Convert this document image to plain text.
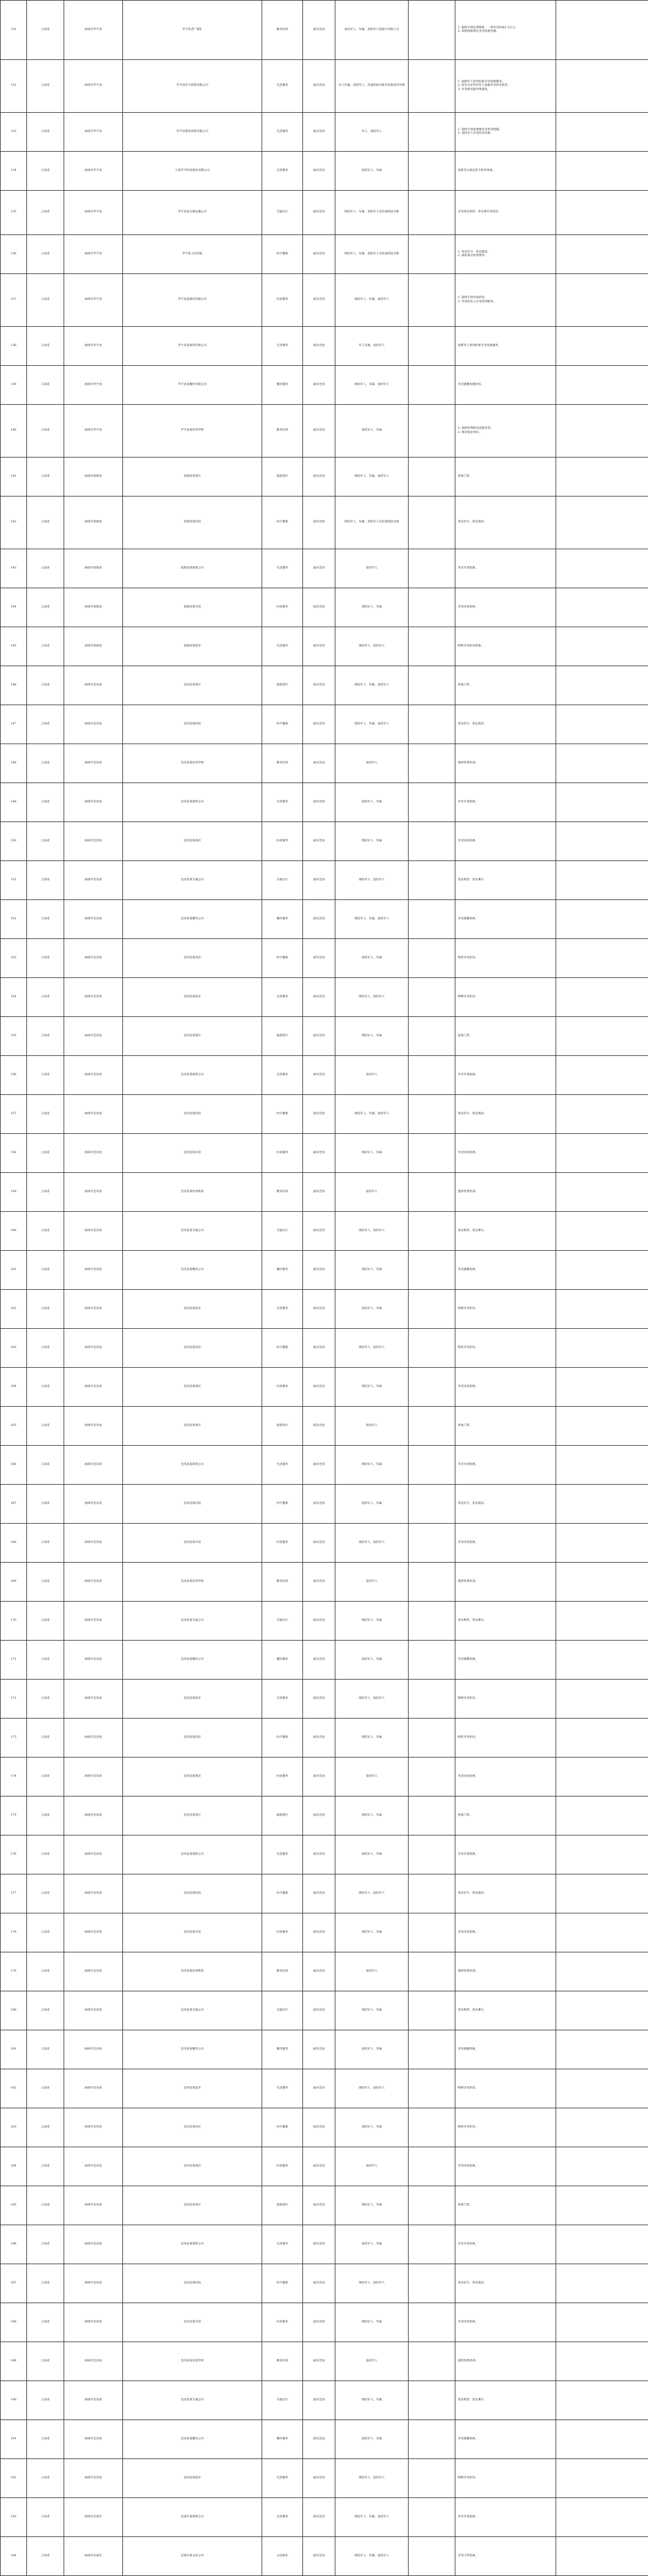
131	云南省	曲靖市罗平县	罗平县老厂煤矿	教育培训	面向全国	退役军人、军属、退役军人家庭中其他人员		1. 提供专项培训资助，一律享受补贴1-3万元。
2. 按照国家规定享受优惠待遇。	

132	云南省	曲靖市罗平县	罗平县乐天商贸有限公司	生活服务	面向全国	军人军属、退役军人、其他优抚对象及其他优待对象		1. 按照军人优待标准享受优惠服务。
2. 持有关证件的军人家属享受同等优待。
3. 享受相关服务费减免。	

133	云南省	曲靖市罗平县	罗平县鼎发商贸有限公司	生活服务	面向全国	军人、退役军人		1. 提供专项优惠服务及优待措施。
2. 退役军人享受同等优惠。	

134	云南省	曲靖市罗平县	云南罗平锌电股份有限公司	生活服务	面向全国	退役军人、军属		按照有关规定给予优待优惠。	

135	云南省	曲靖市罗平县	罗平县某交通运输公司	交通出行	面向全国	现役军人、军属、退役军人及其他优抚对象		享受优先购票、优先乘车等优待。	

136	云南省	曲靖市罗平县	罗平县人民医院	医疗健康	面向全国	现役军人、军属、退役军人及其他优抚对象		1. 优先挂号、优先就诊。
2. 减免部分检查费用。	

137	云南省	曲靖市罗平县	罗平县某酒店有限公司	住宿服务	面向全国	现役军人、军属、退役军人		1. 提供专项住宿折扣。
2. 享受优先入住等优待服务。	

138	云南省	曲靖市罗平县	罗平县某商贸有限公司	生活服务	面向全国	军人军属、退役军人		按照军人优待标准享受优惠服务。	

139	云南省	曲靖市罗平县	罗平县某餐饮有限公司	餐饮服务	面向全国	现役军人、军属、退役军人		享受就餐优惠折扣。	

140	云南省	曲靖市罗平县	罗平县某培训学校	教育培训	面向全国	退役军人、军属		1. 提供免费职业技能培训。
2. 推荐就业岗位。	

141	云南省	曲靖市富源县	富源县某景区	旅游景区	面向全国	现役军人、军属、退役军人		免收门票。	

142	云南省	曲靖市富源县	富源县某医院	医疗健康	面向全国	现役军人、军属、退役军人及其他优抚对象		优先挂号、优先就诊。	

143	云南省	曲靖市富源县	富源县某商贸公司	生活服务	面向全国	退役军人		享受专项优惠。	

144	云南省	曲靖市富源县	富源县某宾馆	住宿服务	面向全国	现役军人、军属		享受住宿优惠。	

145	云南省	曲靖市富源县	富源县某超市	生活服务	面向全国	现役军人、退役军人		购物享受折扣优惠。	

146	云南省	曲靖市会泽县	会泽县某景区	旅游景区	面向全国	现役军人、军属、退役军人		免收门票。	

147	云南省	曲靖市会泽县	会泽县某医院	医疗健康	面向全国	现役军人、军属、退役军人		优先挂号、优先就诊。	

148	云南省	曲靖市会泽县	会泽县某培训学校	教育培训	面向全国	退役军人		提供免费培训。	

149	云南省	曲靖市会泽县	会泽县某商贸公司	生活服务	面向全国	退役军人、军属		享受专项优惠。	

150	云南省	曲靖市会泽县	会泽县某酒店	住宿服务	面向全国	现役军人、军属		享受住宿优惠。	

151	云南省	曲靖市会泽县	会泽县某交通公司	交通出行	面向全国	现役军人、退役军人		优先购票、优先乘车。	

152	云南省	曲靖市会泽县	会泽县某餐饮公司	餐饮服务	面向全国	现役军人、军属、退役军人		享受就餐优惠。	

153	云南省	曲靖市会泽县	会泽县某药店	医疗健康	面向全国	退役军人、军属		购药享受折扣。	

154	云南省	曲靖市会泽县	会泽县某超市	生活服务	面向全国	现役军人、退役军人		购物享受折扣。	

155	云南省	曲靖市会泽县	会泽县某景区	旅游景区	面向全国	现役军人、军属		免收门票。	

156	云南省	曲靖市会泽县	会泽县某商贸公司	生活服务	面向全国	退役军人		享受专项优惠。	

157	云南省	曲靖市会泽县	会泽县某医院	医疗健康	面向全国	现役军人、军属、退役军人		优先挂号、优先就诊。	

158	云南省	曲靖市会泽县	会泽县某宾馆	住宿服务	面向全国	现役军人、军属		享受住宿优惠。	

159	云南省	曲靖市会泽县	会泽县某培训机构	教育培训	面向全国	退役军人		提供免费培训。	

160	云南省	曲靖市会泽县	会泽县某交通公司	交通出行	面向全国	现役军人、退役军人		优先购票、优先乘车。	

161	云南省	曲靖市会泽县	会泽县某餐饮公司	餐饮服务	面向全国	现役军人、军属		享受就餐优惠。	

162	云南省	曲靖市会泽县	会泽县某超市	生活服务	面向全国	退役军人、军属		购物享受折扣。	

163	云南省	曲靖市会泽县	会泽县某药店	医疗健康	面向全国	现役军人、退役军人		购药享受折扣。	

164	云南省	曲靖市会泽县	会泽县某酒店	住宿服务	面向全国	现役军人、军属		享受住宿优惠。	

165	云南省	曲靖市会泽县	会泽县某景区	旅游景区	面向全国	退役军人		免收门票。	

166	云南省	曲靖市会泽县	会泽县某商贸公司	生活服务	面向全国	现役军人、军属		享受专项优惠。	

167	云南省	曲靖市会泽县	会泽县某医院	医疗健康	面向全国	退役军人、军属		优先挂号、优先就诊。	

168	云南省	曲靖市会泽县	会泽县某宾馆	住宿服务	面向全国	现役军人、退役军人		享受住宿优惠。	

169	云南省	曲靖市会泽县	会泽县某培训学校	教育培训	面向全国	退役军人		提供免费培训。	

170	云南省	曲靖市会泽县	会泽县某交通公司	交通出行	面向全国	现役军人、军属		优先购票、优先乘车。	

171	云南省	曲靖市会泽县	会泽县某餐饮公司	餐饮服务	面向全国	退役军人、军属		享受就餐优惠。	

172	云南省	曲靖市会泽县	会泽县某超市	生活服务	面向全国	现役军人、退役军人		购物享受折扣。	

173	云南省	曲靖市会泽县	会泽县某药店	医疗健康	面向全国	现役军人、军属		购药享受折扣。	

174	云南省	曲靖市会泽县	会泽县某酒店	住宿服务	面向全国	退役军人		享受住宿优惠。	

175	云南省	曲靖市会泽县	会泽县某景区	旅游景区	面向全国	现役军人、军属		免收门票。	

176	云南省	曲靖市会泽县	会泽县某商贸公司	生活服务	面向全国	退役军人、军属		享受专项优惠。	

177	云南省	曲靖市会泽县	会泽县某医院	医疗健康	面向全国	现役军人、退役军人		优先挂号、优先就诊。	

178	云南省	曲靖市会泽县	会泽县某宾馆	住宿服务	面向全国	现役军人、军属		享受住宿优惠。	

179	云南省	曲靖市会泽县	会泽县某培训机构	教育培训	面向全国	退役军人		提供免费培训。	

180	云南省	曲靖市会泽县	会泽县某交通公司	交通出行	面向全国	现役军人、军属		优先购票、优先乘车。	

181	云南省	曲靖市会泽县	会泽县某餐饮公司	餐饮服务	面向全国	退役军人、军属		享受就餐优惠。	

182	云南省	曲靖市会泽县	会泽县某超市	生活服务	面向全国	现役军人、退役军人		购物享受折扣。	

183	云南省	曲靖市会泽县	会泽县某药店	医疗健康	面向全国	现役军人、军属		购药享受折扣。	

184	云南省	曲靖市会泽县	会泽县某酒店	住宿服务	面向全国	退役军人		享受住宿优惠。	

185	云南省	曲靖市会泽县	会泽县某景区	旅游景区	面向全国	现役军人、军属		免收门票。	

186	云南省	曲靖市会泽县	会泽县某商贸公司	生活服务	面向全国	退役军人、军属		享受专项优惠。	

187	云南省	曲靖市会泽县	会泽县某医院	医疗健康	面向全国	现役军人、退役军人		优先挂号、优先就诊。	

188	云南省	曲靖市会泽县	会泽县某宾馆	住宿服务	面向全国	现役军人、军属		享受住宿优惠。	

189	云南省	曲靖市会泽县	会泽县某培训学校	教育培训	面向全国	退役军人		提供免费培训。	

190	云南省	曲靖市会泽县	会泽县某交通公司	交通出行	面向全国	现役军人、军属		优先购票、优先乘车。	

191	云南省	曲靖市会泽县	会泽县某餐饮公司	餐饮服务	面向全国	退役军人、军属		享受就餐优惠。	

192	云南省	曲靖市会泽县	会泽县某超市	生活服务	面向全国	现役军人、退役军人		购物享受折扣。	

193	云南省	曲靖市宣威市	宣威市某商贸公司	生活服务	面向全国	现役军人、军属、退役军人		享受专项优惠。	

194	云南省	曲靖市宣威市	宣威市某文化公司	文化娱乐	面向全国	现役军人、军属、退役军人		享受门票优惠。	
